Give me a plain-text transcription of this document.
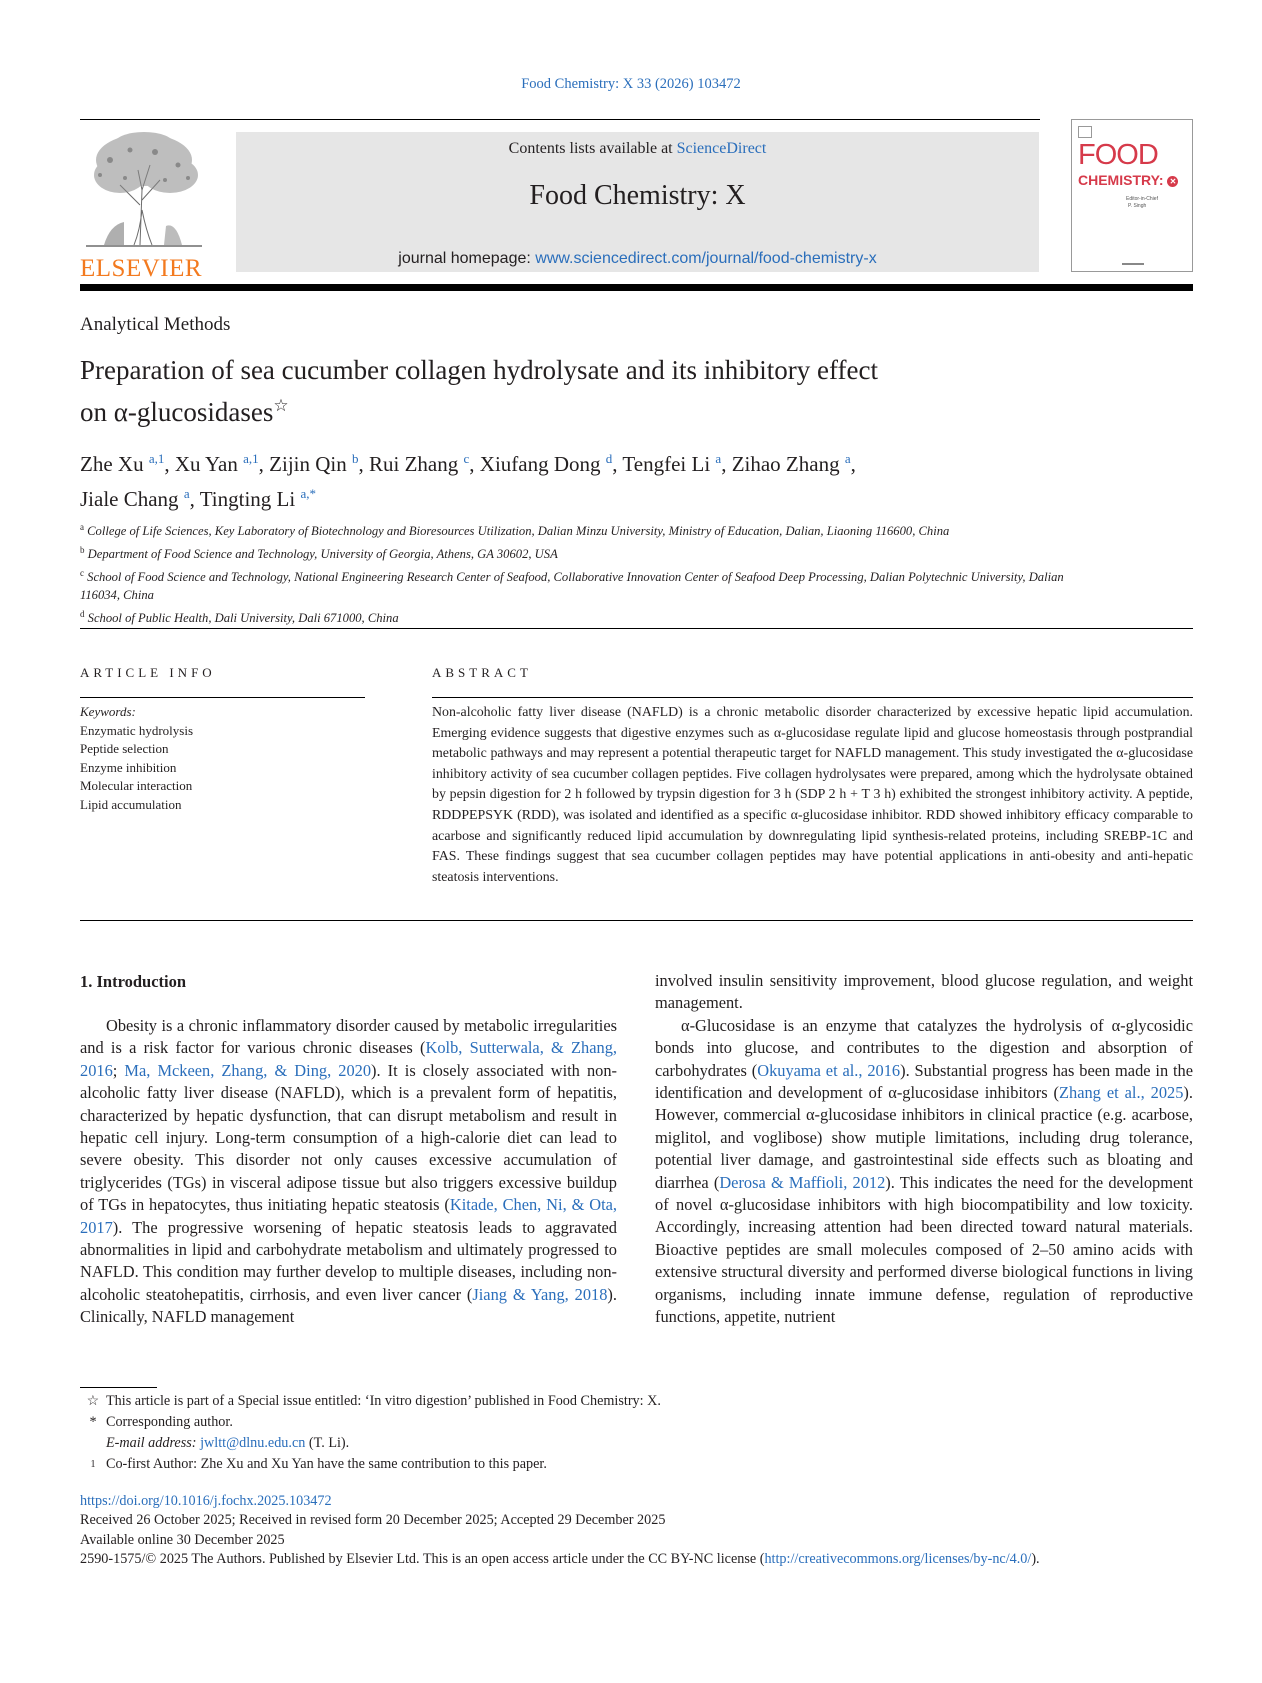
Food Chemistry: X 33 (2026) 103472
ELSEVIER
Contents lists available at ScienceDirect
Food Chemistry: X
journal homepage: www.sciencedirect.com/journal/food-chemistry-x
FOOD
CHEMISTRY: ✕
Editor-in-Chief
P. Singh
Analytical Methods
Preparation of sea cucumber collagen hydrolysate and its inhibitory effect
on α-glucosidases☆
Zhe Xu $^{a,1}$, Xu Yan $^{a,1}$, Zijin Qin $^b$, Rui Zhang $^c$, Xiufang Dong $^d$, Tengfei Li $^a$, Zihao Zhang $^a$,
Jiale Chang $^a$, Tingting Li $^{a,*}$
$^a$ College of Life Sciences, Key Laboratory of Biotechnology and Bioresources Utilization, Dalian Minzu University, Ministry of Education, Dalian, Liaoning 116600, China
$^b$ Department of Food Science and Technology, University of Georgia, Athens, GA 30602, USA
$^c$ School of Food Science and Technology, National Engineering Research Center of Seafood, Collaborative Innovation Center of Seafood Deep Processing, Dalian Polytechnic University, Dalian 116034, China
$^d$ School of Public Health, Dali University, Dali 671000, China
ARTICLE INFO
Keywords:
Enzymatic hydrolysis
Peptide selection
Enzyme inhibition
Molecular interaction
Lipid accumulation
ABSTRACT
Non-alcoholic fatty liver disease (NAFLD) is a chronic metabolic disorder characterized by excessive hepatic lipid accumulation. Emerging evidence suggests that digestive enzymes such as α-glucosidase regulate lipid and glucose homeostasis through postprandial metabolic pathways and may represent a potential therapeutic target for NAFLD management. This study investigated the α-glucosidase inhibitory activity of sea cucumber collagen peptides. Five collagen hydrolysates were prepared, among which the hydrolysate obtained by pepsin digestion for 2 h followed by trypsin digestion for 3 h (SDP 2 h + T 3 h) exhibited the strongest inhibitory activity. A peptide, RDDPEPSYK (RDD), was isolated and identified as a specific α-glucosidase inhibitor. RDD showed inhibitory efficacy comparable to acarbose and significantly reduced lipid accumulation by downregulating lipid synthesis-related proteins, including SREBP-1C and FAS. These findings suggest that sea cucumber collagen peptides may have potential applications in anti-obesity and anti-hepatic steatosis interventions.
1. Introduction
Obesity is a chronic inflammatory disorder caused by metabolic irregularities and is a risk factor for various chronic diseases (Kolb, Sutterwala, & Zhang, 2016; Ma, Mckeen, Zhang, & Ding, 2020). It is closely associated with non-alcoholic fatty liver disease (NAFLD), which is a prevalent form of hepatitis, characterized by hepatic dysfunction, that can disrupt metabolism and result in hepatic cell injury. Long-term consumption of a high-calorie diet can lead to severe obesity. This disorder not only causes excessive accumulation of triglycerides (TGs) in visceral adipose tissue but also triggers excessive buildup of TGs in hepatocytes, thus initiating hepatic steatosis (Kitade, Chen, Ni, & Ota, 2017). The progressive worsening of hepatic steatosis leads to aggravated abnormalities in lipid and carbohydrate metabolism and ultimately progressed to NAFLD. This condition may further develop to multiple diseases, including non-alcoholic steatohepatitis, cirrhosis, and even liver cancer (Jiang & Yang, 2018). Clinically, NAFLD management
involved insulin sensitivity improvement, blood glucose regulation, and weight management.
α-Glucosidase is an enzyme that catalyzes the hydrolysis of α-glycosidic bonds into glucose, and contributes to the digestion and absorption of carbohydrates (Okuyama et al., 2016). Substantial progress has been made in the identification and development of α-glucosidase inhibitors (Zhang et al., 2025). However, commercial α-glucosidase inhibitors in clinical practice (e.g. acarbose, miglitol, and voglibose) show mutiple limitations, including drug tolerance, potential liver damage, and gastrointestinal side effects such as bloating and diarrhea (Derosa & Maffioli, 2012). This indicates the need for the development of novel α-glucosidase inhibitors with high biocompatibility and low toxicity. Accordingly, increasing attention had been directed toward natural materials. Bioactive peptides are small molecules composed of 2–50 amino acids with extensive structural diversity and performed diverse biological functions in living organisms, including innate immune defense, regulation of reproductive functions, appetite, nutrient
☆ This article is part of a Special issue entitled: ‘In vitro digestion’ published in Food Chemistry: X.
* Corresponding author.
E-mail address: jwltt@dlnu.edu.cn (T. Li).
$^1$ Co-first Author: Zhe Xu and Xu Yan have the same contribution to this paper.
https://doi.org/10.1016/j.fochx.2025.103472
Received 26 October 2025; Received in revised form 20 December 2025; Accepted 29 December 2025
Available online 30 December 2025
2590-1575/© 2025 The Authors. Published by Elsevier Ltd. This is an open access article under the CC BY-NC license (http://creativecommons.org/licenses/by-nc/4.0/).
